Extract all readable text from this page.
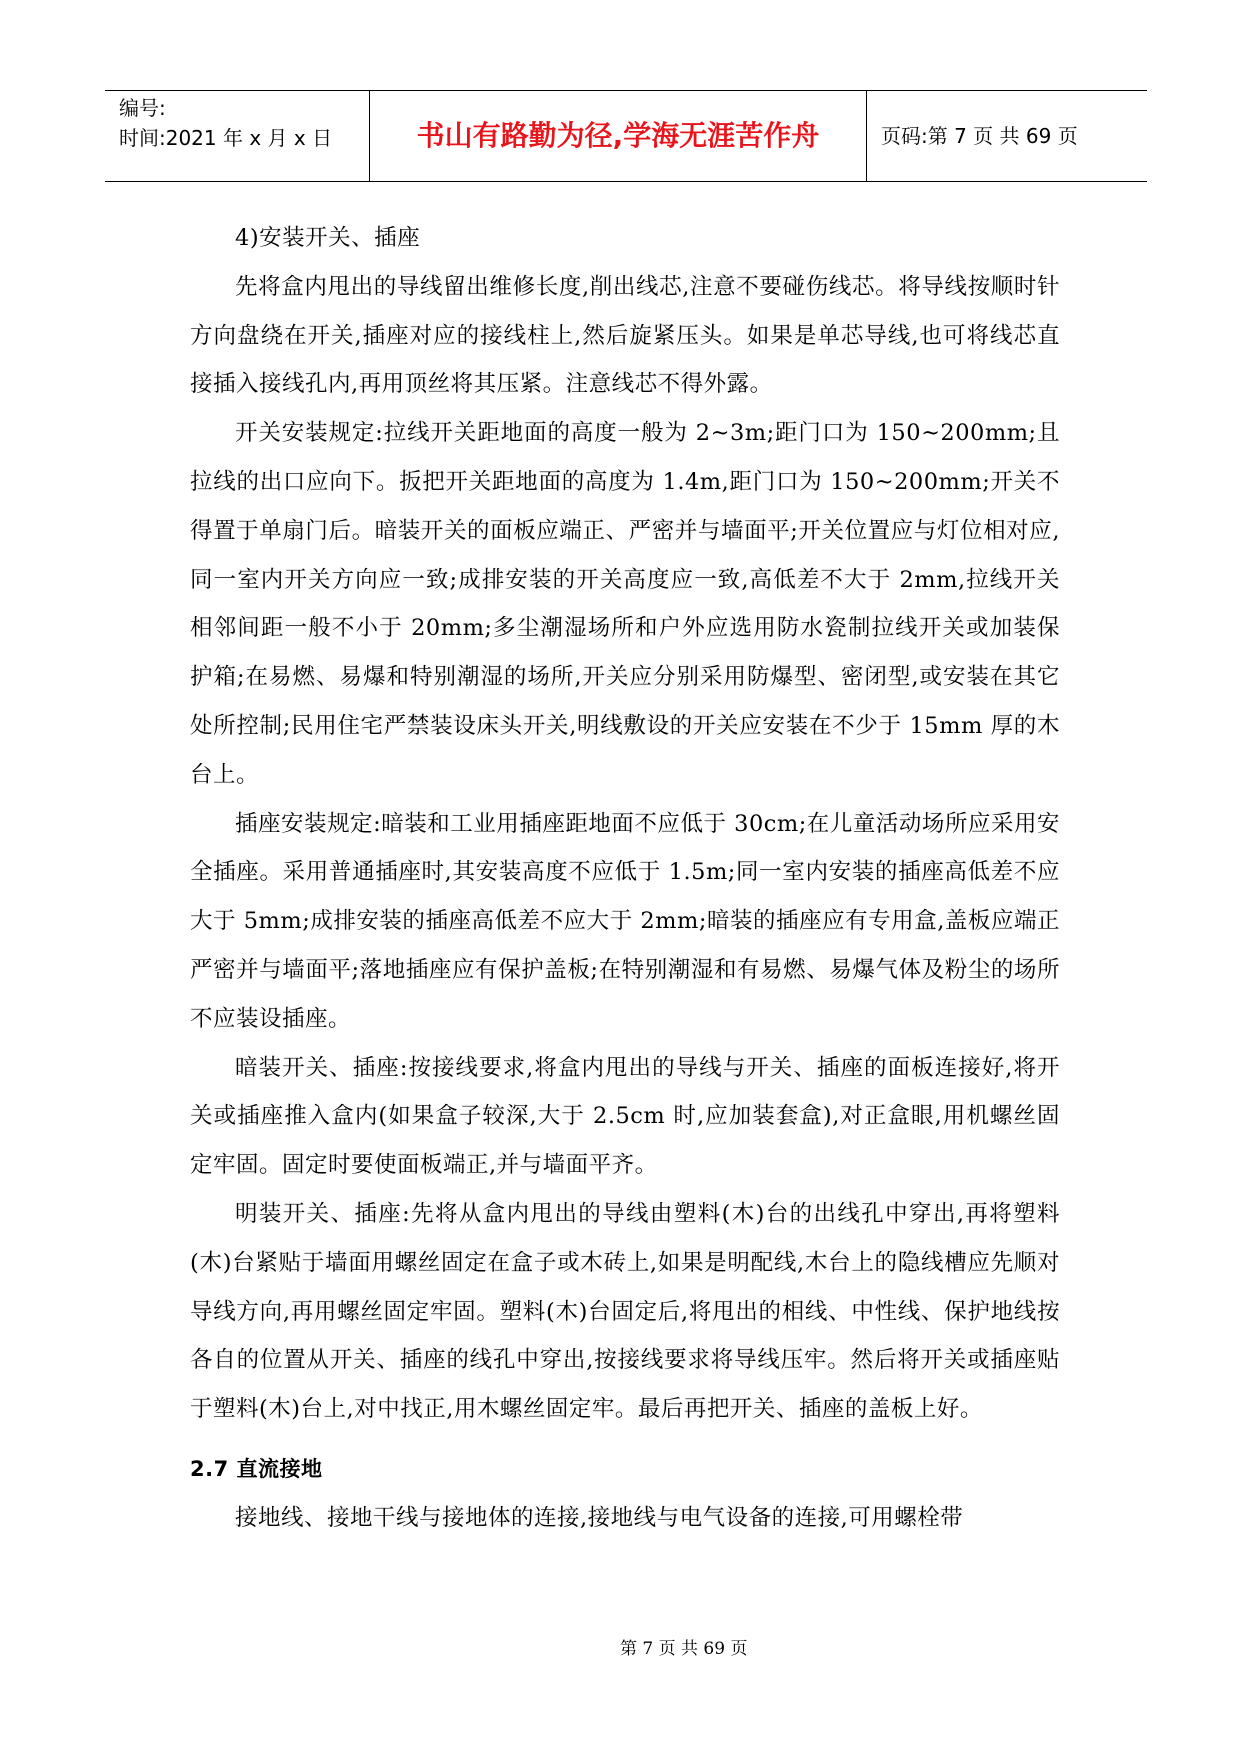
编号:
时间:2021 年 x 月 x 日	书山有路勤为径,学海无涯苦作舟	页码:第 7 页 共 69 页

4)安装开关、插座

先将盒内甩出的导线留出维修长度,削出线芯,注意不要碰伤线芯。将导线按顺时针方向盘绕在开关,插座对应的接线柱上,然后旋紧压头。如果是单芯导线,也可将线芯直接插入接线孔内,再用顶丝将其压紧。注意线芯不得外露。

开关安装规定:拉线开关距地面的高度一般为 2~3m;距门口为 150~200mm;且拉线的出口应向下。扳把开关距地面的高度为 1.4m,距门口为 150~200mm;开关不得置于单扇门后。暗装开关的面板应端正、严密并与墙面平;开关位置应与灯位相对应,同一室内开关方向应一致;成排安装的开关高度应一致,高低差不大于 2mm,拉线开关相邻间距一般不小于 20mm;多尘潮湿场所和户外应选用防水瓷制拉线开关或加装保护箱;在易燃、易爆和特别潮湿的场所,开关应分别采用防爆型、密闭型,或安装在其它处所控制;民用住宅严禁装设床头开关,明线敷设的开关应安装在不少于 15mm 厚的木台上。

插座安装规定:暗装和工业用插座距地面不应低于 30cm;在儿童活动场所应采用安全插座。采用普通插座时,其安装高度不应低于 1.5m;同一室内安装的插座高低差不应大于 5mm;成排安装的插座高低差不应大于 2mm;暗装的插座应有专用盒,盖板应端正严密并与墙面平;落地插座应有保护盖板;在特别潮湿和有易燃、易爆气体及粉尘的场所不应装设插座。

暗装开关、插座:按接线要求,将盒内甩出的导线与开关、插座的面板连接好,将开关或插座推入盒内(如果盒子较深,大于 2.5cm 时,应加装套盒),对正盒眼,用机螺丝固定牢固。固定时要使面板端正,并与墙面平齐。

明装开关、插座:先将从盒内甩出的导线由塑料(木)台的出线孔中穿出,再将塑料(木)台紧贴于墙面用螺丝固定在盒子或木砖上,如果是明配线,木台上的隐线槽应先顺对导线方向,再用螺丝固定牢固。塑料(木)台固定后,将甩出的相线、中性线、保护地线按各自的位置从开关、插座的线孔中穿出,按接线要求将导线压牢。然后将开关或插座贴于塑料(木)台上,对中找正,用木螺丝固定牢。最后再把开关、插座的盖板上好。

2.7 直流接地

接地线、接地干线与接地体的连接,接地线与电气设备的连接,可用螺栓带

第 7 页 共 69 页
